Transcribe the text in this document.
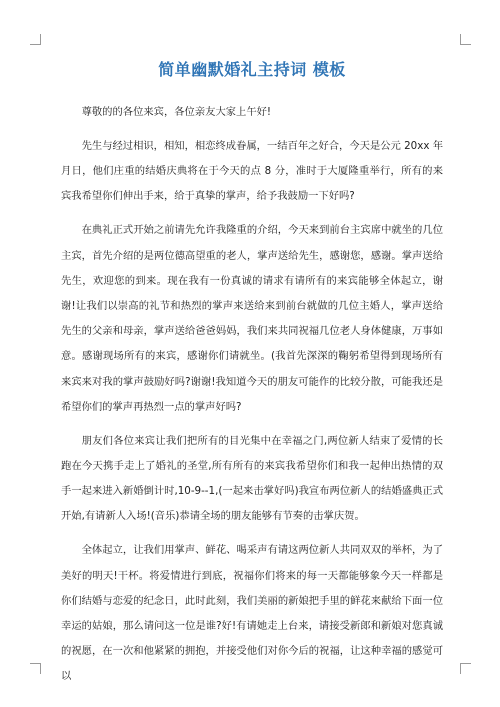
简单幽默婚礼主持词 模板

尊敬的的各位来宾，各位亲友大家上午好!

先生与经过相识，相知，相恋终成眷属，一结百年之好合，今天是公元 20xx 年月日，他们庄重的结婚庆典将在于今天的点 8 分，准时于大厦隆重举行，所有的来宾我希望你们伸出手来，给于真挚的掌声，给予我鼓励一下好吗?

在典礼正式开始之前请先允许我隆重的介绍，今天来到前台主宾席中就坐的几位主宾，首先介绍的是两位德高望重的老人，掌声送给先生，感谢您，感谢。掌声送给先生，欢迎您的到来。现在我有一份真诚的请求有请所有的来宾能够全体起立，谢谢!让我们以崇高的礼节和热烈的掌声来送给来到前台就做的几位主婚人，掌声送给先生的父亲和母亲，掌声送给爸爸妈妈，我们来共同祝福几位老人身体健康，万事如意。感谢现场所有的来宾，感谢你们请就坐。(我首先深深的鞠躬希望得到现场所有来宾来对我的掌声鼓励好吗?谢谢!我知道今天的朋友可能作的比较分散，可能我还是希望你们的掌声再热烈一点的掌声好吗?

朋友们各位来宾让我们把所有的目光集中在幸福之门,两位新人结束了爱情的长跑在今天携手走上了婚礼的圣堂,所有所有的来宾我希望你们和我一起伸出热情的双手一起来进入新婚倒计时,10-9--1,(一起来击掌好吗)我宣布两位新人的结婚盛典正式开始,有请新人入场!(音乐)恭请全场的朋友能够有节奏的击掌庆贺。

全体起立，让我们用掌声、鲜花、喝采声有请这两位新人共同双双的举杯，为了美好的明天!干杯。将爱情进行到底，祝福你们将来的每一天都能够象今天一样都是你们结婚与恋爱的纪念日，此时此刻，我们美丽的新娘把手里的鲜花来献给下面一位幸运的姑娘，那么请问这一位是谁?好!有请她走上台来，请接受新郎和新娘对您真诚的祝愿，在一次和他紧紧的拥抱，并接受他们对你今后的祝福，让这种幸福的感觉可以
